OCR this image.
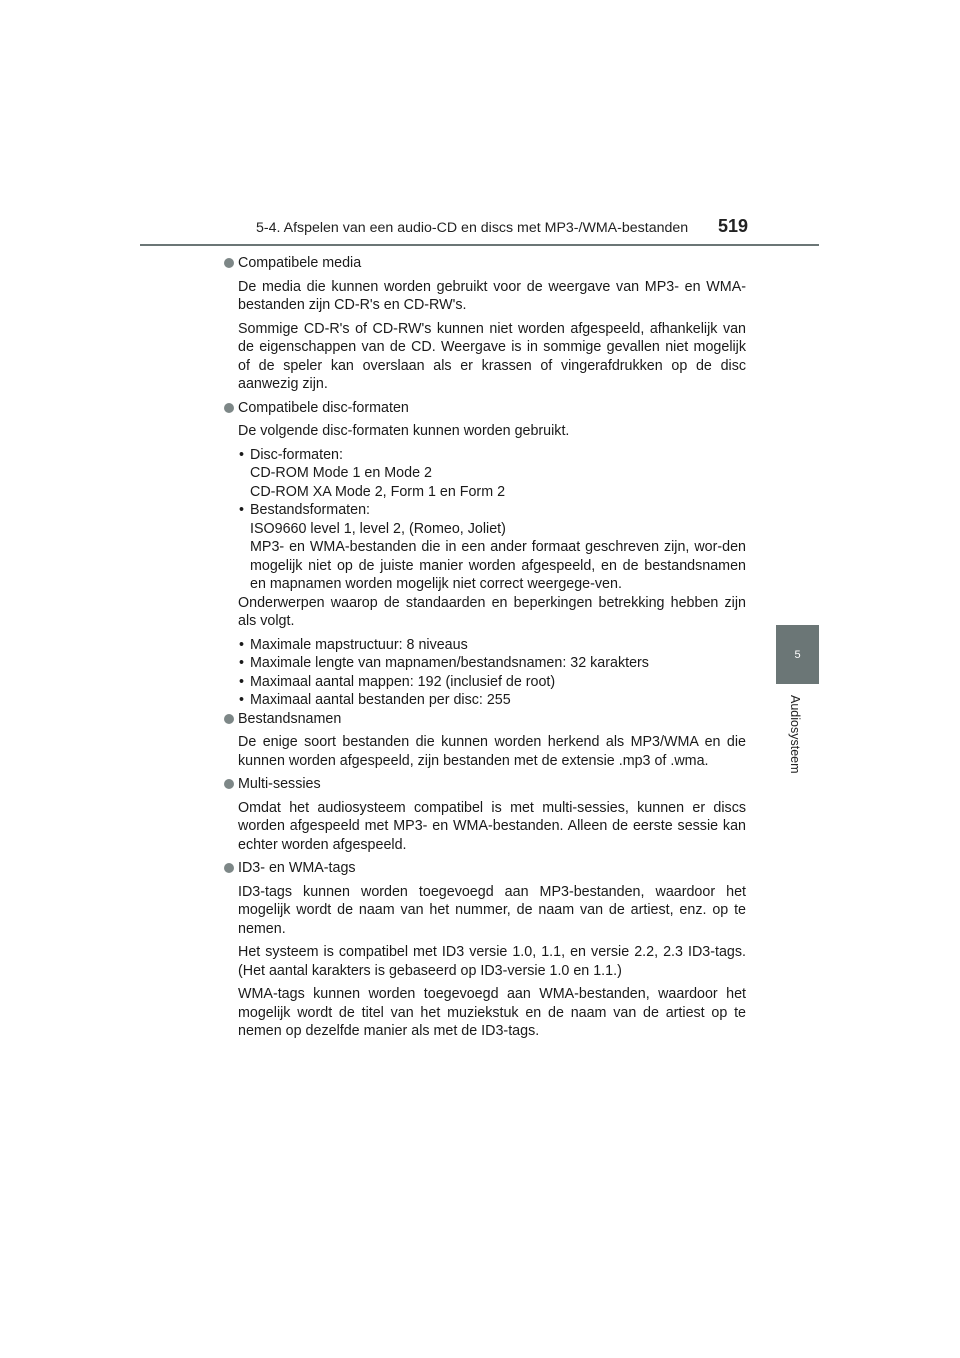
5-4. Afspelen van een audio-CD en discs met MP3-/WMA-bestanden	519
5
Audiosysteem
Compatibele media

De media die kunnen worden gebruikt voor de weergave van MP3- en WMA-bestanden zijn CD-R's en CD-RW's.

Sommige CD-R's of CD-RW's kunnen niet worden afgespeeld, afhankelijk van de eigenschappen van de CD. Weergave is in sommige gevallen niet mogelijk of de speler kan overslaan als er krassen of vingerafdrukken op de disc aanwezig zijn.

Compatibele disc-formaten

De volgende disc-formaten kunnen worden gebruikt.

• Disc-formaten:
CD-ROM Mode 1 en Mode 2
CD-ROM XA Mode 2, Form 1 en Form 2
• Bestandsformaten:
ISO9660 level 1, level 2, (Romeo, Joliet)
MP3- en WMA-bestanden die in een ander formaat geschreven zijn, wor-den mogelijk niet op de juiste manier worden afgespeeld, en de bestandsnamen en mapnamen worden mogelijk niet correct weergege-ven.

Onderwerpen waarop de standaarden en beperkingen betrekking hebben zijn als volgt.

• Maximale mapstructuur: 8 niveaus
• Maximale lengte van mapnamen/bestandsnamen: 32 karakters
• Maximaal aantal mappen: 192 (inclusief de root)
• Maximaal aantal bestanden per disc: 255
Bestandsnamen

De enige soort bestanden die kunnen worden herkend als MP3/WMA en die kunnen worden afgespeeld, zijn bestanden met de extensie .mp3 of .wma.

Multi-sessies

Omdat het audiosysteem compatibel is met multi-sessies, kunnen er discs worden afgespeeld met MP3- en WMA-bestanden. Alleen de eerste sessie kan echter worden afgespeeld.

ID3- en WMA-tags

ID3-tags kunnen worden toegevoegd aan MP3-bestanden, waardoor het mogelijk wordt de naam van het nummer, de naam van de artiest, enz. op te nemen.

Het systeem is compatibel met ID3 versie 1.0, 1.1, en versie 2.2, 2.3 ID3-tags. (Het aantal karakters is gebaseerd op ID3-versie 1.0 en 1.1.)

WMA-tags kunnen worden toegevoegd aan WMA-bestanden, waardoor het mogelijk wordt de titel van het muziekstuk en de naam van de artiest op te nemen op dezelfde manier als met de ID3-tags.
